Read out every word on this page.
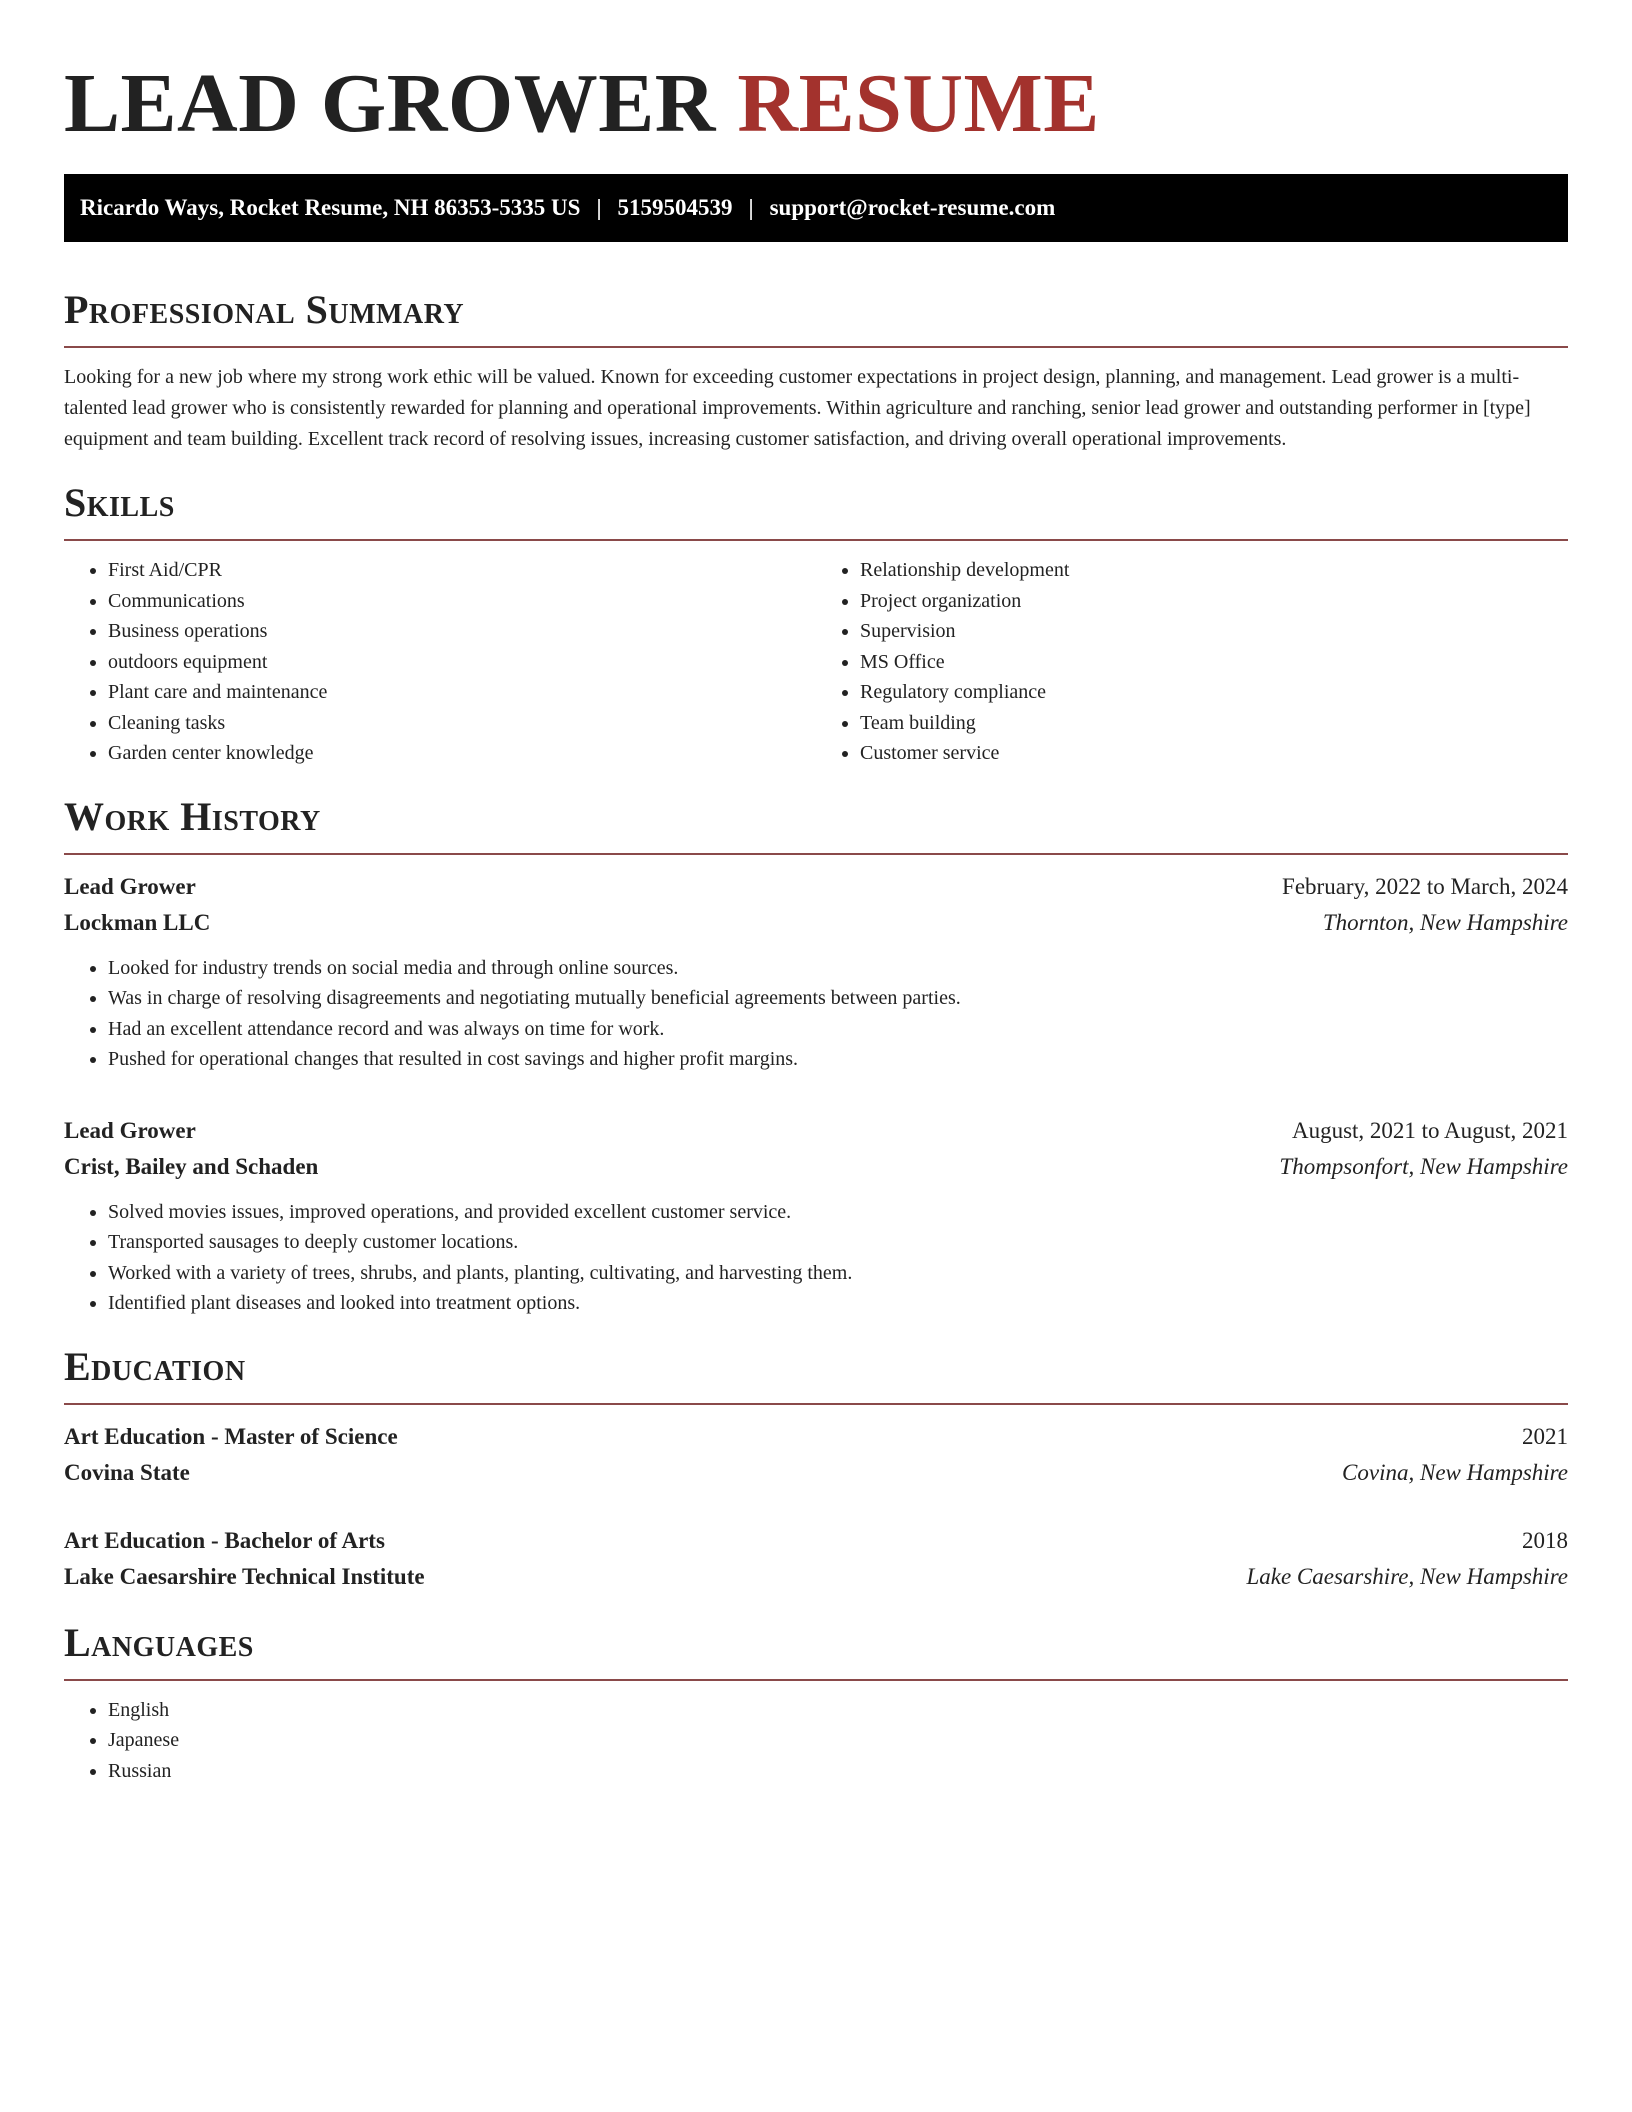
LEAD GROWER RESUME
Ricardo Ways, Rocket Resume, NH 86353-5335 US | 5159504539 | support@rocket-resume.com
Professional Summary

Looking for a new job where my strong work ethic will be valued. Known for exceeding customer expectations in project design, planning, and management. Lead grower is a multi-talented lead grower who is consistently rewarded for planning and operational improvements. Within agriculture and ranching, senior lead grower and outstanding performer in [type] equipment and team building. Excellent track record of resolving issues, increasing customer satisfaction, and driving overall operational improvements.

Skills
• First Aid/CPR
• Communications
• Business operations
• outdoors equipment
• Plant care and maintenance
• Cleaning tasks
• Garden center knowledge
• Relationship development
• Project organization
• Supervision
• MS Office
• Regulatory compliance
• Team building
• Customer service
Work History
Lead Grower	February, 2022 to March, 2024
Lockman LLC	Thornton, New Hampshire
• Looked for industry trends on social media and through online sources.
• Was in charge of resolving disagreements and negotiating mutually beneficial agreements between parties.
• Had an excellent attendance record and was always on time for work.
• Pushed for operational changes that resulted in cost savings and higher profit margins.
Lead Grower	August, 2021 to August, 2021
Crist, Bailey and Schaden	Thompsonfort, New Hampshire
• Solved movies issues, improved operations, and provided excellent customer service.
• Transported sausages to deeply customer locations.
• Worked with a variety of trees, shrubs, and plants, planting, cultivating, and harvesting them.
• Identified plant diseases and looked into treatment options.
Education
Art Education - Master of Science	2021
Covina State	Covina, New Hampshire
Art Education - Bachelor of Arts	2018
Lake Caesarshire Technical Institute	Lake Caesarshire, New Hampshire
Languages
• English
• Japanese
• Russian
